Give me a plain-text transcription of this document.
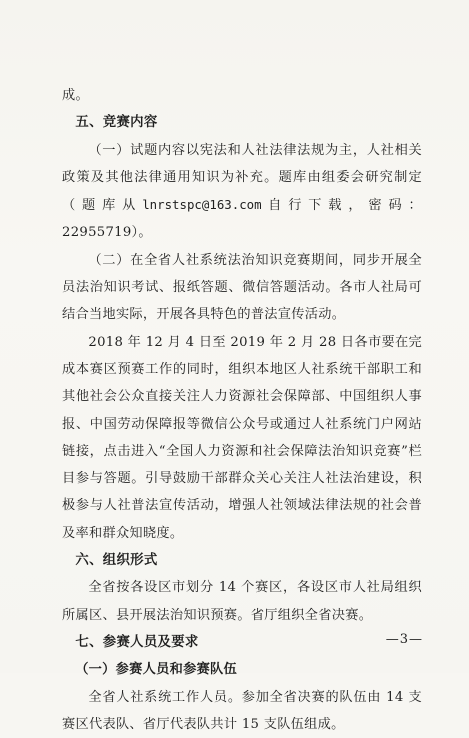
成。

五、竞赛内容

（一）试题内容以宪法和人社法律法规为主，人社相关政策及其他法律通用知识为补充。题库由组委会研究制定（题库从lnrstspc@163.com自行下载，密码：22955719）。

（二）在全省人社系统法治知识竞赛期间，同步开展全员法治知识考试、报纸答题、微信答题活动。各市人社局可结合当地实际，开展各具特色的普法宣传活动。

2018 年 12 月 4 日至 2019 年 2 月 28 日各市要在完成本赛区预赛工作的同时，组织本地区人社系统干部职工和其他社会公众直接关注人力资源社会保障部、中国组织人事报、中国劳动保障报等微信公众号或通过人社系统门户网站链接，点击进入“全国人力资源和社会保障法治知识竞赛”栏目参与答题。引导鼓励干部群众关心关注人社法治建设，积极参与人社普法宣传活动，增强人社领域法律法规的社会普及率和群众知晓度。

六、组织形式

全省按各设区市划分 14 个赛区，各设区市人社局组织所属区、县开展法治知识预赛。省厅组织全省决赛。

七、参赛人员及要求

（一）参赛人员和参赛队伍

全省人社系统工作人员。参加全省决赛的队伍由 14 支赛区代表队、省厅代表队共计 15 支队伍组成。

—3—
